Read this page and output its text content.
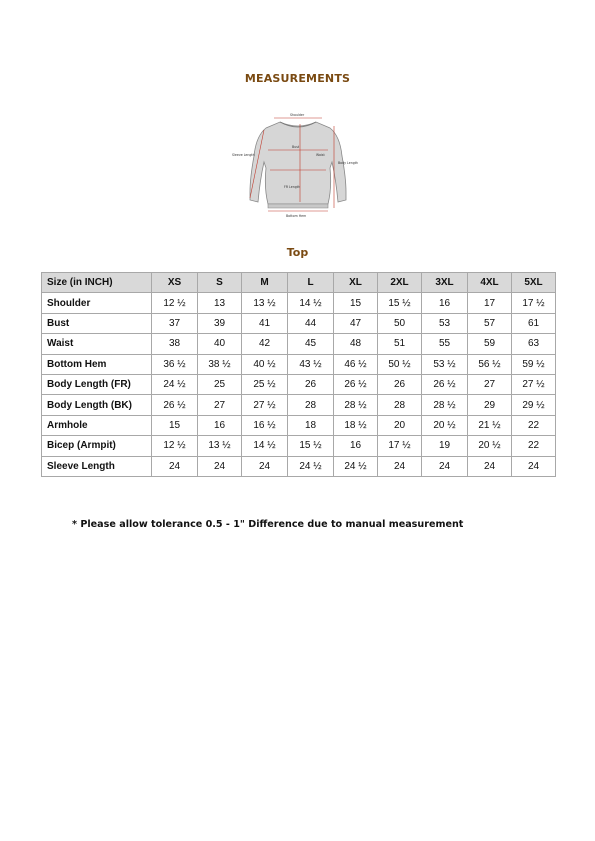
MEASUREMENTS
Shoulder
Sleeve Length
Bust
Waist
Body Length
FR Length
Bottom Hem
Top
Size (in INCH)	XS	S	M	L	XL	2XL	3XL	4XL	5XL
Shoulder	12 ½	13	13 ½	14 ½	15	15 ½	16	17	17 ½
Bust	37	39	41	44	47	50	53	57	61
Waist	38	40	42	45	48	51	55	59	63
Bottom Hem	36 ½	38 ½	40 ½	43 ½	46 ½	50 ½	53 ½	56 ½	59 ½
Body Length (FR)	24 ½	25	25 ½	26	26 ½	26	26 ½	27	27 ½
Body Length (BK)	26 ½	27	27 ½	28	28 ½	28	28 ½	29	29 ½
Armhole	15	16	16 ½	18	18 ½	20	20 ½	21 ½	22
Bicep (Armpit)	12 ½	13 ½	14 ½	15 ½	16	17 ½	19	20 ½	22
Sleeve Length	24	24	24	24 ½	24 ½	24	24	24	24
* Please allow tolerance 0.5 - 1" Difference due to manual measurement
